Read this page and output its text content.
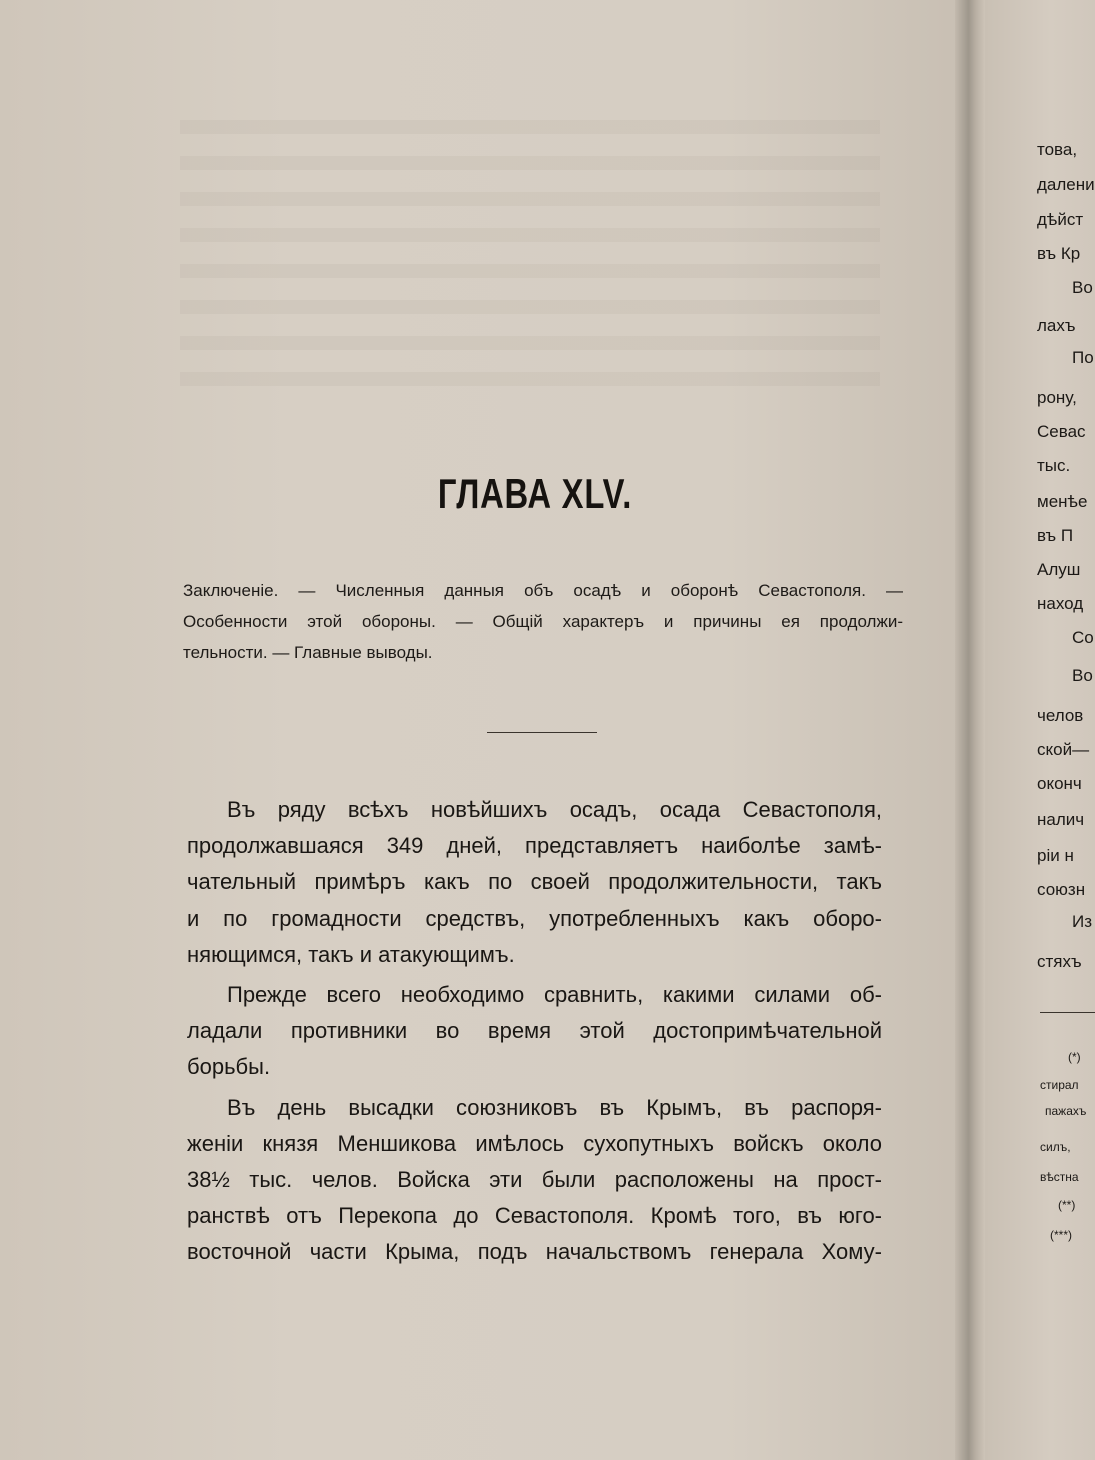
ГЛАВА XLV.
Заключенiе. — Численныя данныя объ осадѣ и оборонѣ Севастополя. —
Особенности этой обороны. — Общiй характеръ и причины ея продолжи-
тельности. — Главные выводы.
Въ ряду всѣхъ новѣйшихъ осадъ, осада Севастополя,
продолжавшаяся 349 дней, представляетъ наиболѣе замѣ-
чательный примѣръ какъ по своей продолжительности, такъ
и по громадности средствъ, употребленныхъ какъ оборо-
няющимся, такъ и атакующимъ.
Прежде всего необходимо сравнить, какими силами об-
ладали противники во время этой достопримѣчательной
борьбы.
Въ день высадки союзниковъ въ Крымъ, въ распоря-
женiи князя Меншикова имѣлось сухопутныхъ войскъ около
38½ тыс. челов. Войска эти были расположены на прост-
ранствѣ отъ Перекопа до Севастополя. Кромѣ того, въ юго-
восточной части Крыма, подъ начальствомъ генерала Хому-
това,
далени
дѣйст
въ Кр
Во
лахъ
По
рону,
Севас
тыс.
менѣе
въ П
Алуш
наход
Со
Во
челов
ской—
оконч
налич
рiи н
союзн
Из
стяхъ
(*)
стирал
пажахъ
силъ,
вѣстна
(**)
(***)
